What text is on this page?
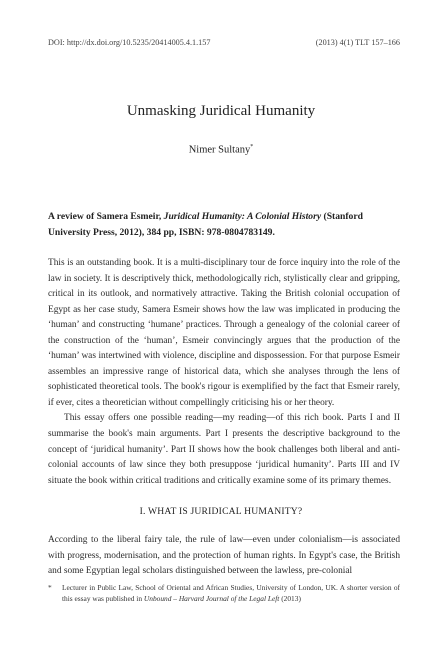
DOI: http://dx.doi.org/10.5235/20414005.4.1.157	(2013) 4(1) TLT 157–166
Unmasking Juridical Humanity
Nimer Sultany*
A review of Samera Esmeir, Juridical Humanity: A Colonial History (Stanford University Press, 2012), 384 pp, ISBN: 978-0804783149.

This is an outstanding book. It is a multi-disciplinary tour de force inquiry into the role of the law in society. It is descriptively thick, methodologically rich, stylistically clear and gripping, critical in its outlook, and normatively attractive. Taking the British colonial occupation of Egypt as her case study, Samera Esmeir shows how the law was implicated in producing the ‘human’ and constructing ‘humane’ practices. Through a genealogy of the colonial career of the construction of the ‘human’, Esmeir convincingly argues that the production of the ‘human’ was intertwined with violence, discipline and dispossession. For that purpose Esmeir assembles an impressive range of historical data, which she analyses through the lens of sophisticated theoretical tools. The book's rigour is exemplified by the fact that Esmeir rarely, if ever, cites a theoretician without compellingly criticising his or her theory.

This essay offers one possible reading—my reading—of this rich book. Parts I and II summarise the book's main arguments. Part I presents the descriptive background to the concept of ‘juridical humanity’. Part II shows how the book challenges both liberal and anti-colonial accounts of law since they both presuppose ‘juridical humanity’. Parts III and IV situate the book within critical traditions and critically examine some of its primary themes.

I. WHAT IS JURIDICAL HUMANITY?

According to the liberal fairy tale, the rule of law—even under colonialism—is associated with progress, modernisation, and the protection of human rights. In Egypt's case, the British and some Egyptian legal scholars distinguished between the lawless, pre-colonial

*	Lecturer in Public Law, School of Oriental and African Studies, University of London, UK. A shorter version of this essay was published in Unbound – Harvard Journal of the Legal Left (2013)
